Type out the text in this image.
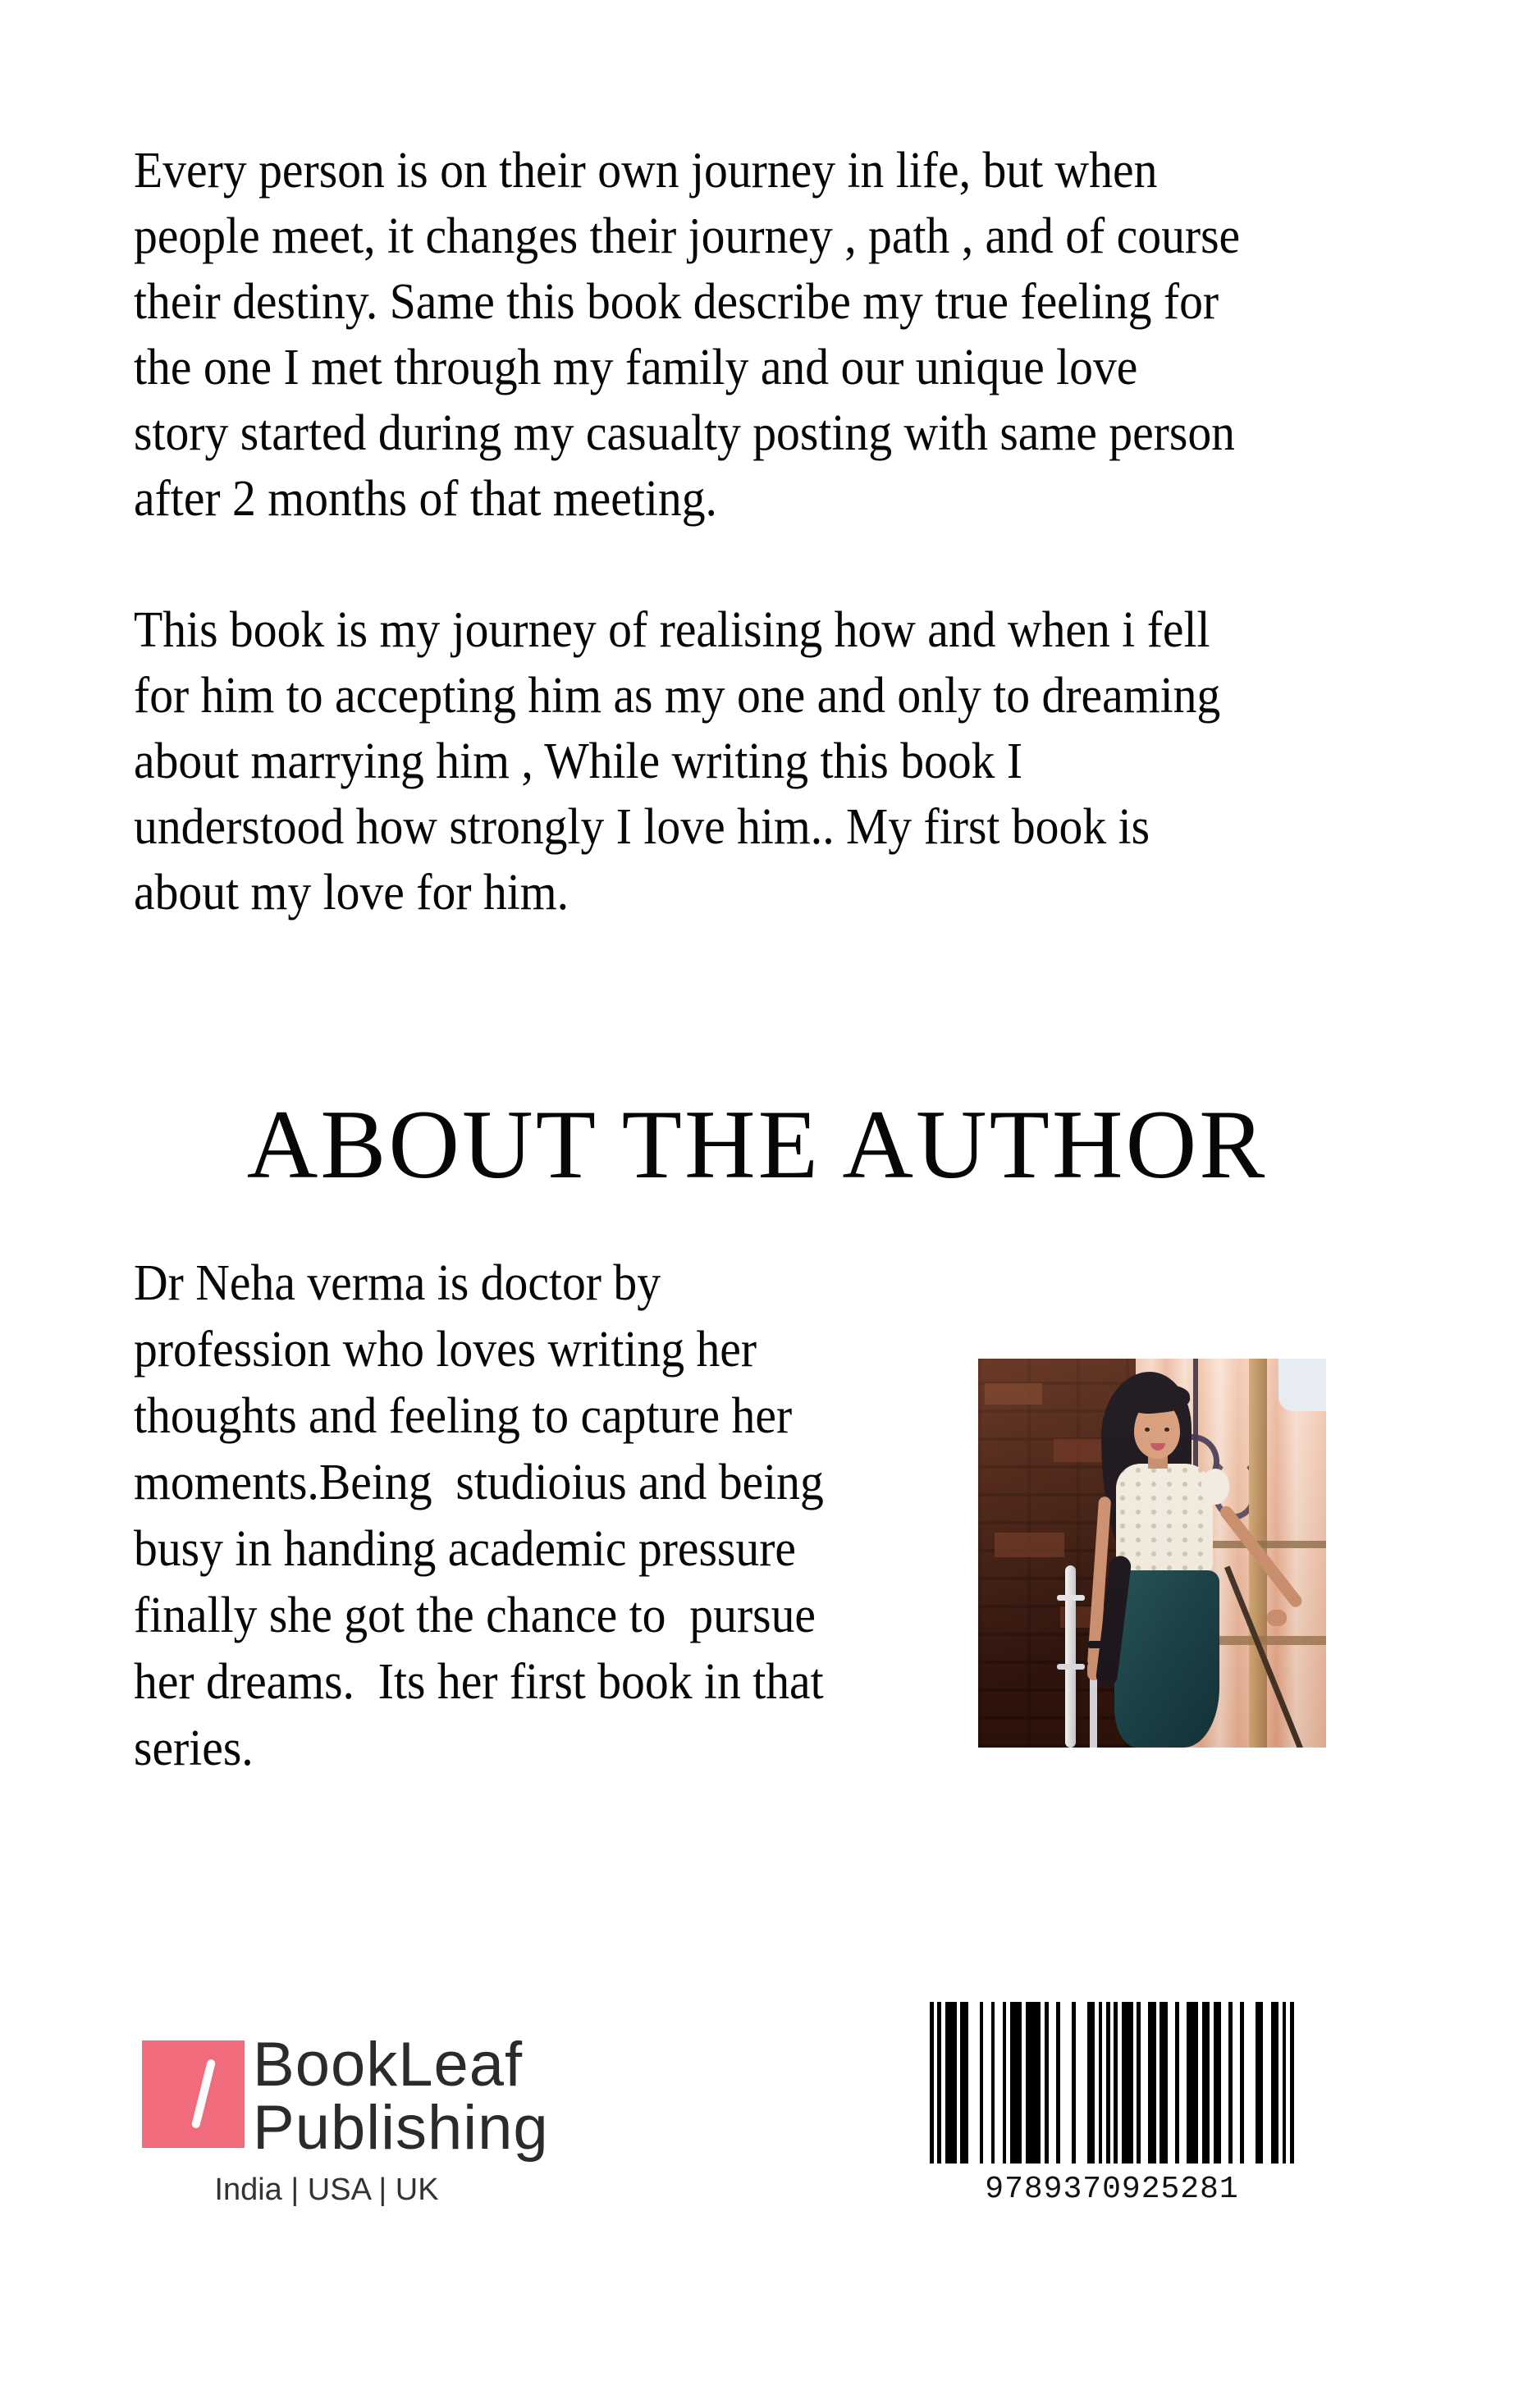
Every person is on their own journey in life, but when
people meet, it changes their journey , path , and of course
their destiny. Same this book describe my true feeling for
the one I met through my family and our unique love
story started during my casualty posting with same person
after 2 months of that meeting.
This book is my journey of realising how and when i fell
for him to accepting him as my one and only to dreaming
about marrying him , While writing this book I
understood how strongly I love him.. My first book is
about my love for him.
ABOUT THE AUTHOR
Dr Neha verma is doctor by
profession who loves writing her
thoughts and feeling to capture her
moments.Being  studioius and being
busy in handing academic pressure
finally she got the chance to  pursue
her dreams.  Its her first book in that
series.
BookLeaf
Publishing
India | USA | UK	9789370925281
